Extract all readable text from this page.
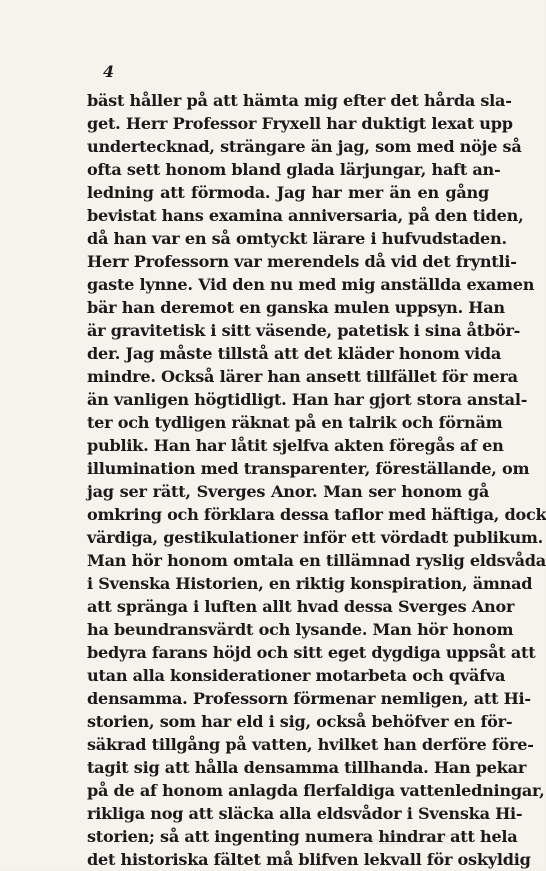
4
bäst håller på att hämta mig efter det hårda sla-
get. Herr Professor Fryxell har duktigt lexat upp
undertecknad, strängare än jag, som med nöje så
ofta sett honom bland glada lärjungar, haft an-
ledning att förmoda. Jag har mer än en gång
bevistat hans examina anniversaria, på den tiden,
då han var en så omtyckt lärare i hufvudstaden.
Herr Professorn var merendels då vid det fryntli-
gaste lynne. Vid den nu med mig anställda examen
bär han deremot en ganska mulen uppsyn. Han
är gravitetisk i sitt väsende, patetisk i sina åtbör-
der. Jag måste tillstå att det kläder honom vida
mindre. Också lärer han ansett tillfället för mera
än vanligen högtidligt. Han har gjort stora anstal-
ter och tydligen räknat på en talrik och förnäm
publik. Han har låtit sjelfva akten föregås af en
illumination med transparenter, föreställande, om
jag ser rätt, Sverges Anor. Man ser honom gå
omkring och förklara dessa taflor med häftiga, dock
värdiga, gestikulationer inför ett vördadt publikum.
Man hör honom omtala en tillämnad ryslig eldsvåda
i Svenska Historien, en riktig konspiration, ämnad
att spränga i luften allt hvad dessa Sverges Anor
ha beundransvärdt och lysande. Man hör honom
bedyra farans höjd och sitt eget dygdiga uppsåt att
utan alla konsiderationer motarbeta och qväfva
densamma. Professorn förmenar nemligen, att Hi-
storien, som har eld i sig, också behöfver en för-
säkrad tillgång på vatten, hvilket han derföre före-
tagit sig att hålla densamma tillhanda. Han pekar
på de af honom anlagda flerfaldiga vattenledningar,
rikliga nog att släcka alla eldsvådor i Svenska Hi-
storien; så att ingenting numera hindrar att hela
det historiska fältet må blifven lekvall för oskyldig
